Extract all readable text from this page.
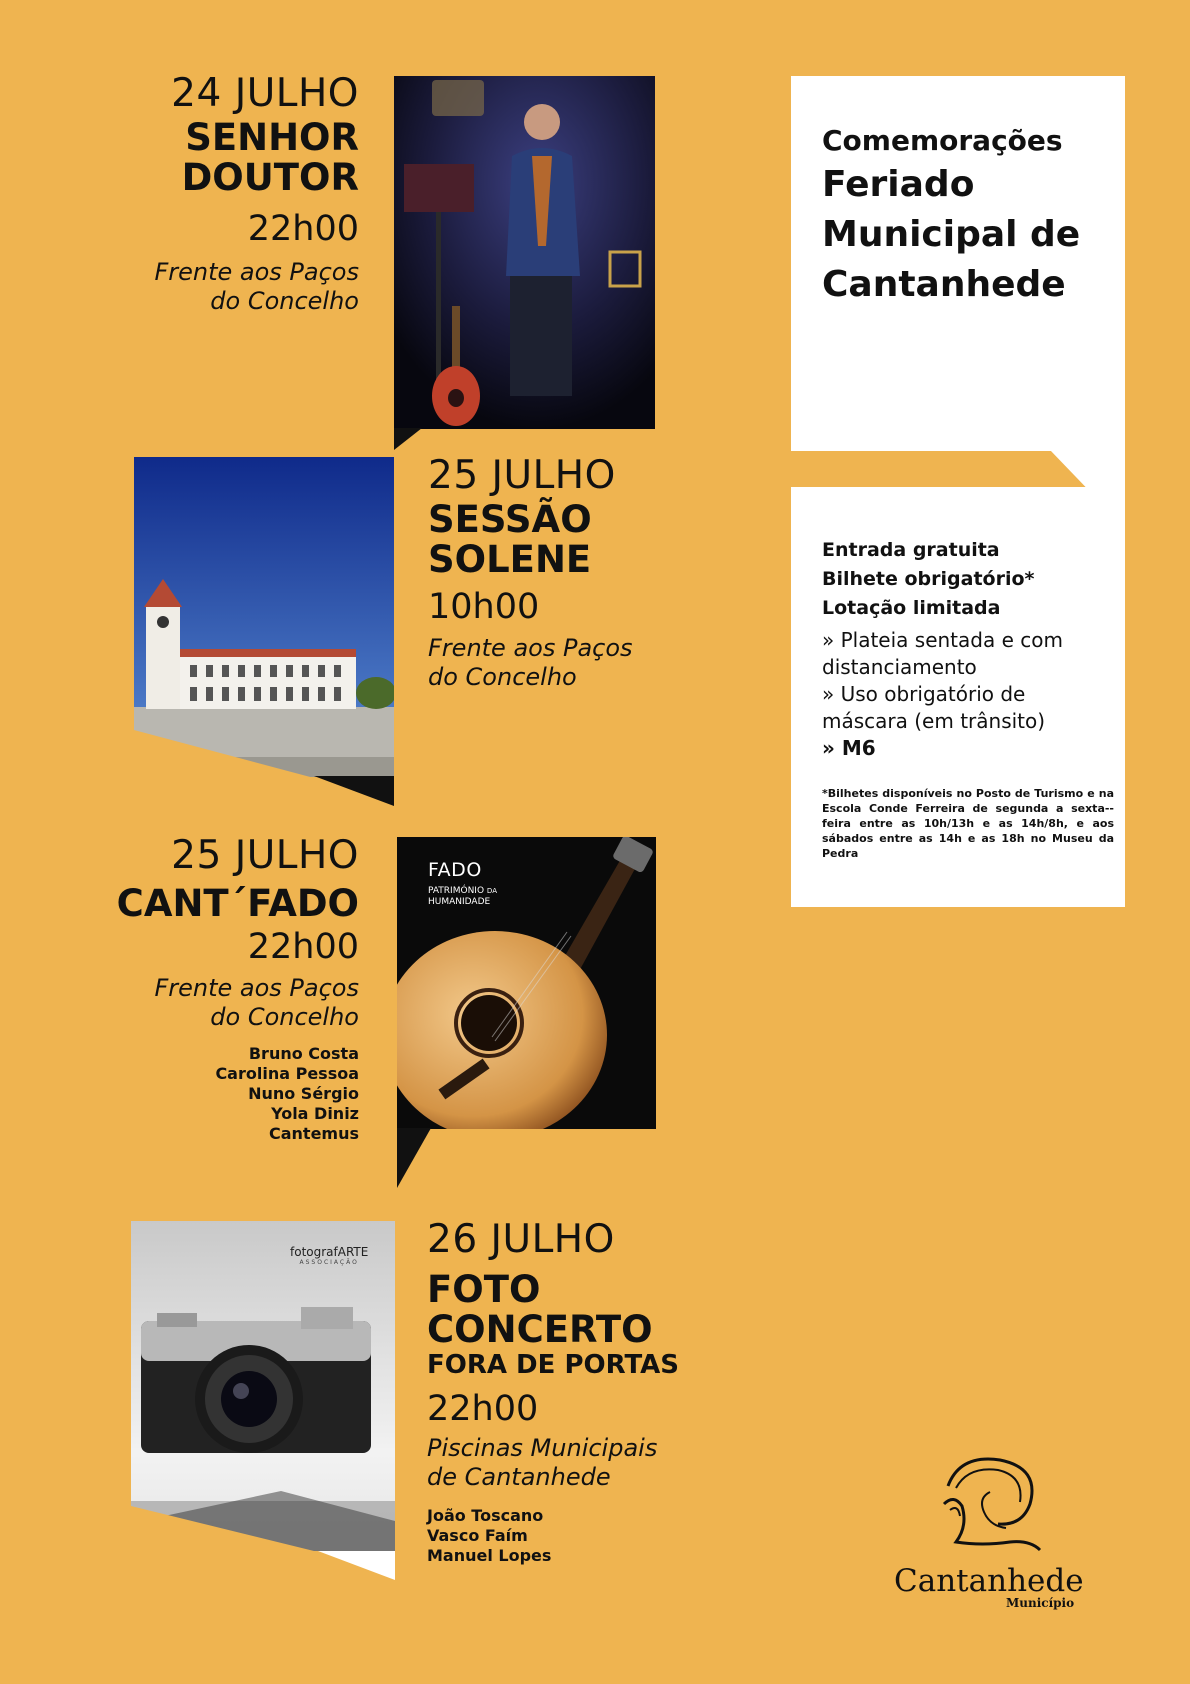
24 JULHO
SENHOR
DOUTOR
22h00
Frente aos Paços
do Concelho
Comemorações
Feriado
Municipal de
Cantanhede
Entrada gratuita
Bilhete obrigatório*
Lotação limitada
» Plateia sentada e com distanciamento
» Uso obrigatório de máscara (em trânsito)
» M6
*Bilhetes disponíveis no Posto de Turismo e na Escola Conde Ferreira de segunda a sexta--feira entre as 10h/13h e as 14h/8h, e aos sábados entre as 14h e as 18h no Museu da Pedra
25 JULHO
SESSÃO
SOLENE
10h00
Frente aos Paços
do Concelho
25 JULHO
CANT´FADO
22h00
Frente aos Paços
do Concelho
Bruno Costa
Carolina Pessoa
Nuno Sérgio
Yola Diniz
Cantemus
FADO
PATRIMÓNIO DA
HUMANIDADE
fotografARTE
ASSOCIAÇÃO
26 JULHO
FOTO
CONCERTO
FORA DE PORTAS
22h00
Piscinas Municipais
de Cantanhede
João Toscano
Vasco Faím
Manuel Lopes
Cantanhede
Município
